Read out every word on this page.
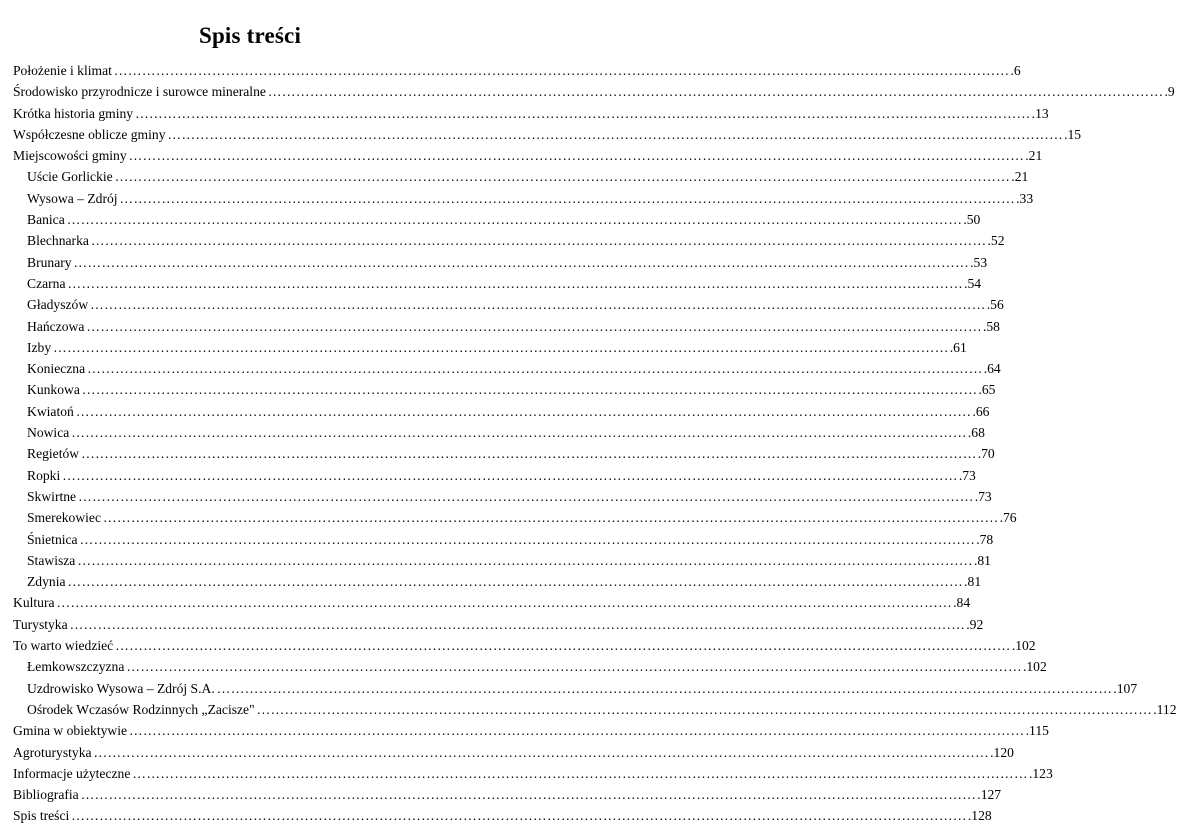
Spis treści
Położenie i klimat ………………………………………………………………………………………………………………………………………………………………………… .6
Środowisko przyrodnicze i surowce mineralne ………………………………………………………………………………………………………………………………………………………………………… .9
Krótka historia gminy ………………………………………………………………………………………………………………………………………………………………………… .13
Współczesne oblicze gminy ………………………………………………………………………………………………………………………………………………………………………… .15
Miejscowości gminy ………………………………………………………………………………………………………………………………………………………………………… .21
Uście Gorlickie ………………………………………………………………………………………………………………………………………………………………………… .21
Wysowa – Zdrój ………………………………………………………………………………………………………………………………………………………………………… .33
Banica ………………………………………………………………………………………………………………………………………………………………………… .50
Blechnarka ………………………………………………………………………………………………………………………………………………………………………… .52
Brunary ………………………………………………………………………………………………………………………………………………………………………… .53
Czarna ………………………………………………………………………………………………………………………………………………………………………… .54
Gładyszów ………………………………………………………………………………………………………………………………………………………………………… .56
Hańczowa ………………………………………………………………………………………………………………………………………………………………………… .58
Izby ………………………………………………………………………………………………………………………………………………………………………… .61
Konieczna ………………………………………………………………………………………………………………………………………………………………………… .64
Kunkowa ………………………………………………………………………………………………………………………………………………………………………… .65
Kwiatoń ………………………………………………………………………………………………………………………………………………………………………… .66
Nowica ………………………………………………………………………………………………………………………………………………………………………… .68
Regietów ………………………………………………………………………………………………………………………………………………………………………… .70
Ropki ………………………………………………………………………………………………………………………………………………………………………… .73
Skwirtne ………………………………………………………………………………………………………………………………………………………………………… .73
Smerekowiec ………………………………………………………………………………………………………………………………………………………………………… .76
Śnietnica ………………………………………………………………………………………………………………………………………………………………………… .78
Stawisza ………………………………………………………………………………………………………………………………………………………………………… .81
Zdynia ………………………………………………………………………………………………………………………………………………………………………… .81
Kultura ………………………………………………………………………………………………………………………………………………………………………… .84
Turystyka ………………………………………………………………………………………………………………………………………………………………………… .92
To warto wiedzieć ………………………………………………………………………………………………………………………………………………………………………… .102
Łemkowszczyzna ………………………………………………………………………………………………………………………………………………………………………… .102
Uzdrowisko Wysowa – Zdrój S.A. ………………………………………………………………………………………………………………………………………………………………………… .107
Ośrodek Wczasów Rodzinnych „Zacisze" ………………………………………………………………………………………………………………………………………………………………………… .112
Gmina w obiektywie ………………………………………………………………………………………………………………………………………………………………………… .115
Agroturystyka ………………………………………………………………………………………………………………………………………………………………………… .120
Informacje użyteczne ………………………………………………………………………………………………………………………………………………………………………… .123
Bibliografia ………………………………………………………………………………………………………………………………………………………………………… .127
Spis treści ………………………………………………………………………………………………………………………………………………………………………… .128
